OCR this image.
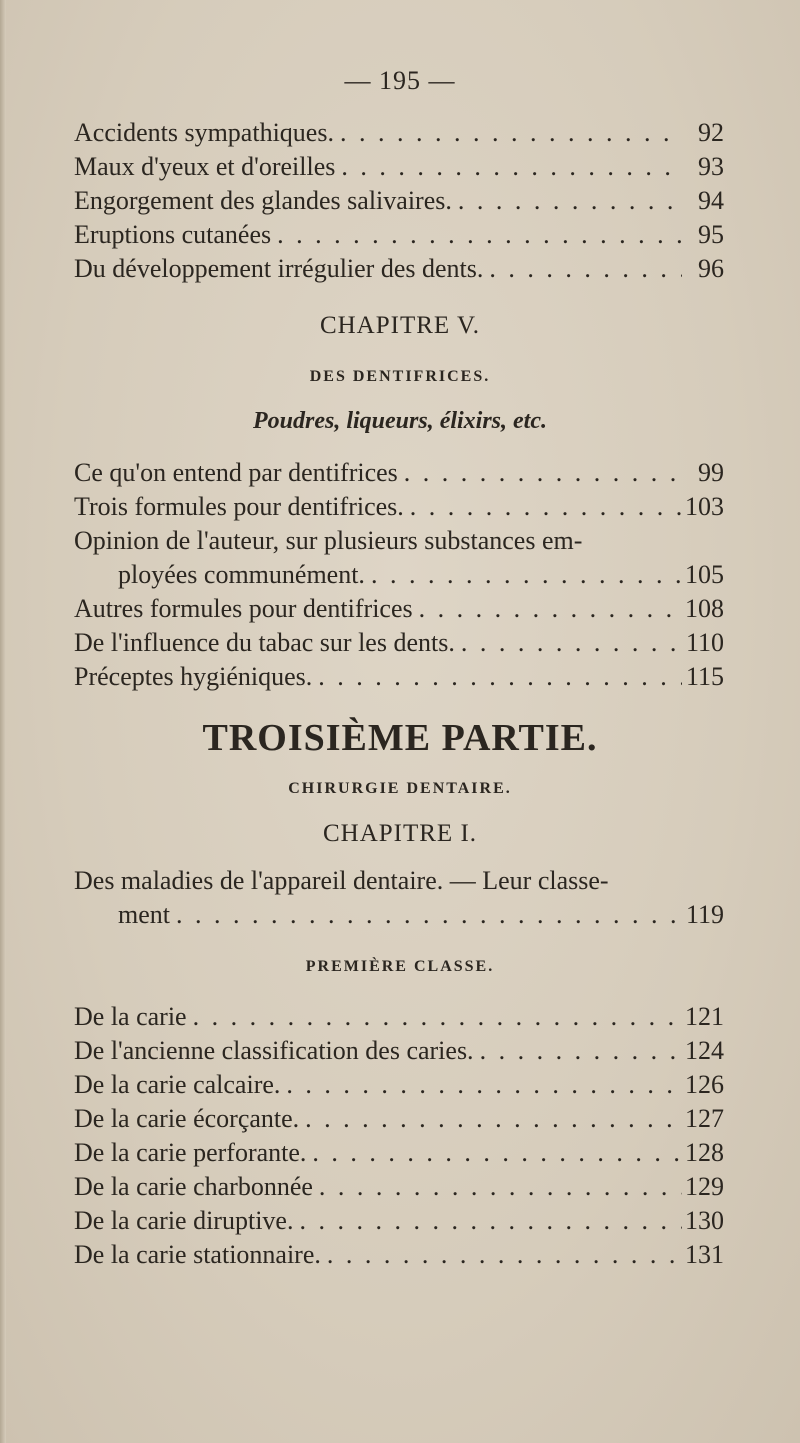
— 195 —
Accidents sympathiques. . . .	92
Maux d'yeux et d'oreilles . . .	93
Engorgement des glandes salivaires. . . .	94
Eruptions cutanées . . .	95
Du développement irrégulier des dents. . . .	96
CHAPITRE V.
DES DENTIFRICES.
Poudres, liqueurs, élixirs, etc.
Ce qu'on entend par dentifrices . . .	99
Trois formules pour dentifrices. . . .	103
Opinion de l'auteur, sur plusieurs substances em-
ployées communément. . . .	105
Autres formules pour dentifrices . . .	108
De l'influence du tabac sur les dents. . . .	110
Préceptes hygiéniques. . . .	115
TROISIÈME PARTIE.
CHIRURGIE DENTAIRE.
CHAPITRE I.
Des maladies de l'appareil dentaire. — Leur classe-
ment . . .	119
PREMIÈRE CLASSE.
De la carie . . .	121
De l'ancienne classification des caries. . . .	124
De la carie calcaire. . . .	126
De la carie écorçante. . . .	127
De la carie perforante. . . .	128
De la carie charbonnée . . .	129
De la carie diruptive. . . .	130
De la carie stationnaire. . . .	131
